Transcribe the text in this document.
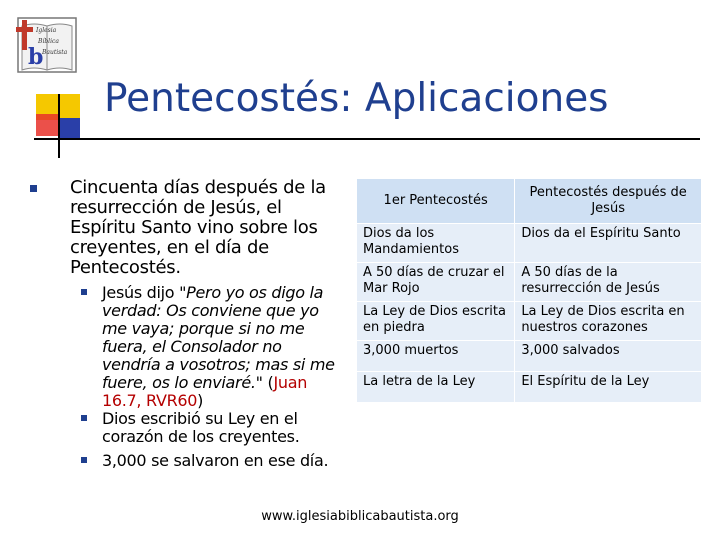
Iglesia
Bíblica
Bautista
b
Pentecostés: Aplicaciones
Cincuenta días después de la resurrección de Jesús, el Espíritu Santo vino sobre los creyentes, en el día de Pentecostés.
Jesús dijo "Pero yo os digo la verdad: Os conviene que yo me vaya; porque si no me fuera, el Consolador no vendría a vosotros; mas si me fuere, os lo enviaré." (Juan 16.7, RVR60)
Dios escribió su Ley en el corazón de los creyentes.
3,000 se salvaron en ese día.
1er Pentecostés	Pentecostés después de Jesús
Dios da los Mandamientos	Dios da el Espíritu Santo
A 50 días de cruzar el Mar Rojo	A 50 días de la resurrección de Jesús
La Ley de Dios escrita en piedra	La Ley de Dios escrita en nuestros corazones
3,000 muertos	3,000 salvados
La letra de la Ley	El Espíritu de la Ley
www.iglesiabiblicabautista.org
